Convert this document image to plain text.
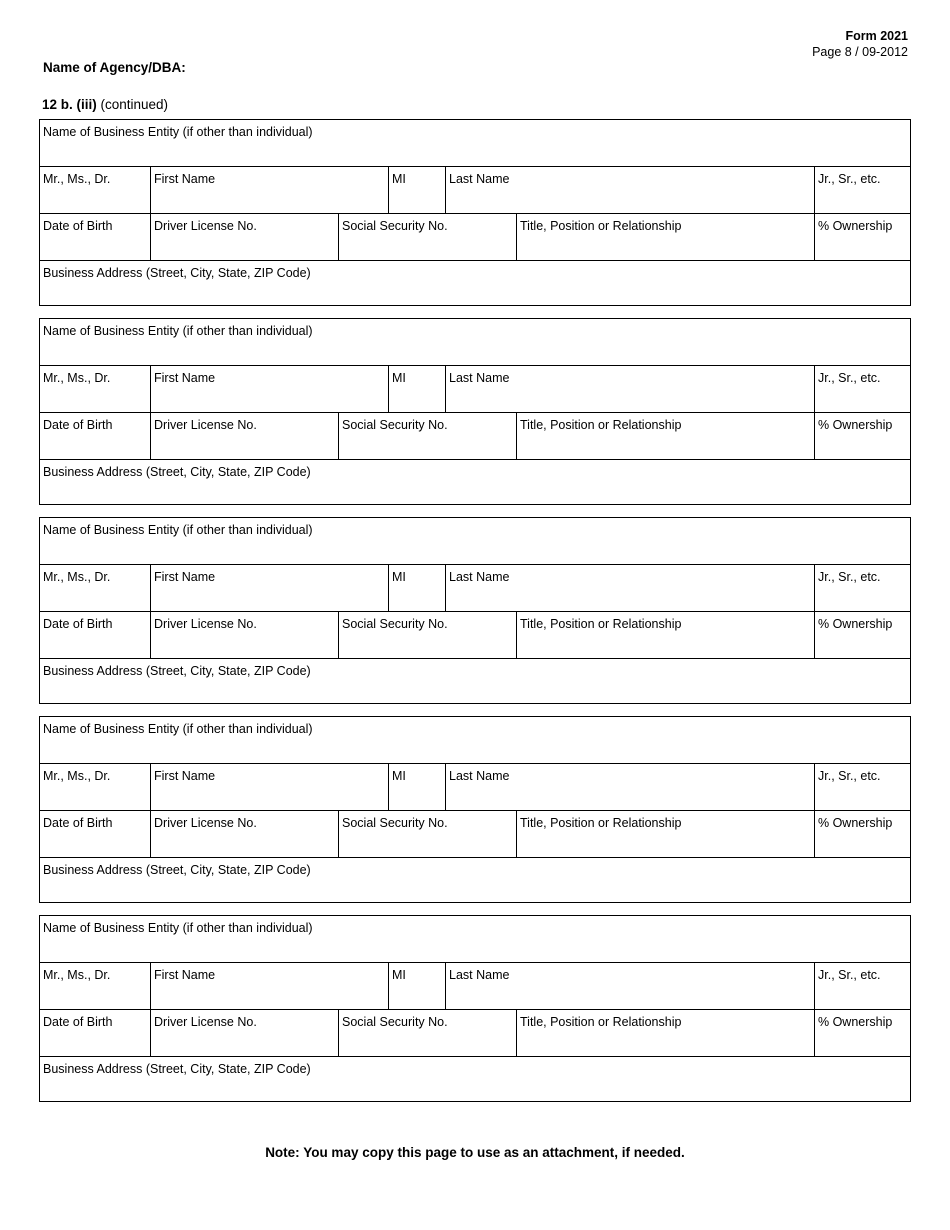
Form 2021
Page 8 / 09-2012
Name of Agency/DBA:
12 b. (iii) (continued)
Name of Business Entity (if other than individual)
Mr., Ms., Dr.	First Name	MI	Last Name	Jr., Sr., etc.
Date of Birth	Driver License No.	Social Security No.	Title, Position or Relationship	% Ownership
Business Address (Street, City, State, ZIP Code)
Name of Business Entity (if other than individual)
Mr., Ms., Dr.	First Name	MI	Last Name	Jr., Sr., etc.
Date of Birth	Driver License No.	Social Security No.	Title, Position or Relationship	% Ownership
Business Address (Street, City, State, ZIP Code)
Name of Business Entity (if other than individual)
Mr., Ms., Dr.	First Name	MI	Last Name	Jr., Sr., etc.
Date of Birth	Driver License No.	Social Security No.	Title, Position or Relationship	% Ownership
Business Address (Street, City, State, ZIP Code)
Name of Business Entity (if other than individual)
Mr., Ms., Dr.	First Name	MI	Last Name	Jr., Sr., etc.
Date of Birth	Driver License No.	Social Security No.	Title, Position or Relationship	% Ownership
Business Address (Street, City, State, ZIP Code)
Name of Business Entity (if other than individual)
Mr., Ms., Dr.	First Name	MI	Last Name	Jr., Sr., etc.
Date of Birth	Driver License No.	Social Security No.	Title, Position or Relationship	% Ownership
Business Address (Street, City, State, ZIP Code)
Note: You may copy this page to use as an attachment, if needed.
